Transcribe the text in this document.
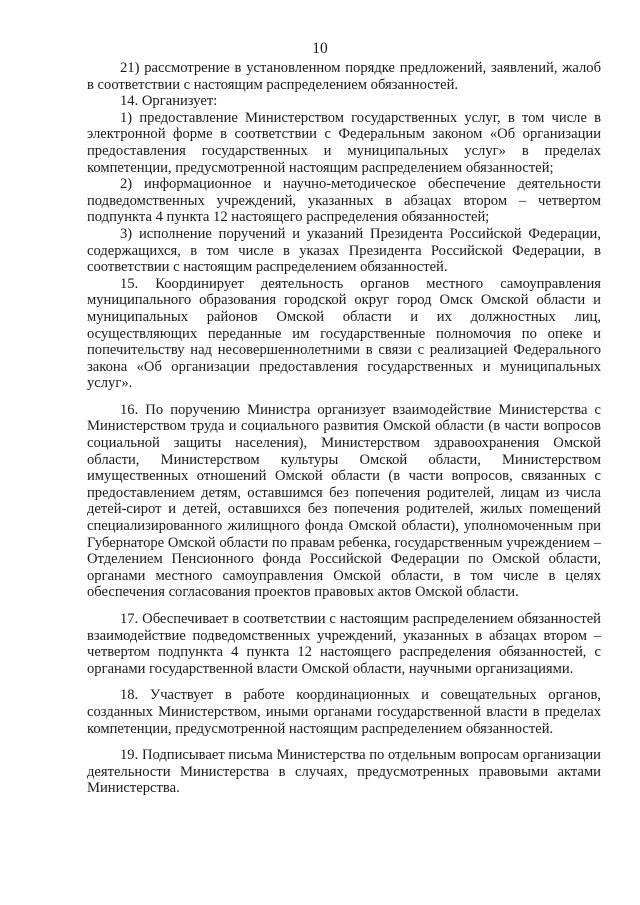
10

21) рассмотрение в установленном порядке предложений, заявлений, жалоб в соответствии с настоящим распределением обязанностей.

14. Организует:

1) предоставление Министерством государственных услуг, в том числе в электронной форме в соответствии с Федеральным законом «Об организации предоставления государственных и муниципальных услуг» в пределах компетенции, предусмотренной настоящим распределением обязанностей;

2) информационное и научно-методическое обеспечение деятельности подведомственных учреждений, указанных в абзацах втором – четвертом подпункта 4 пункта 12 настоящего распределения обязанностей;

3) исполнение поручений и указаний Президента Российской Федерации, содержащихся, в том числе в указах Президента Российской Федерации, в соответствии с настоящим распределением обязанностей.

15. Координирует деятельность органов местного самоуправления муниципального образования городской округ город Омск Омской области и муниципальных районов Омской области и их должностных лиц, осуществляющих переданные им государственные полномочия по опеке и попечительству над несовершеннолетними в связи с реализацией Федерального закона «Об организации предоставления государственных и муниципальных услуг».

16. По поручению Министра организует взаимодействие Министерства с Министерством труда и социального развития Омской области (в части вопросов социальной защиты населения), Министерством здравоохранения Омской области, Министерством культуры Омской области, Министерством имущественных отношений Омской области (в части вопросов, связанных с предоставлением детям, оставшимся без попечения родителей, лицам из числа детей-сирот и детей, оставшихся без попечения родителей, жилых помещений специализированного жилищного фонда Омской области), уполномоченным при Губернаторе Омской области по правам ребенка, государственным учреждением – Отделением Пенсионного фонда Российской Федерации по Омской области, органами местного самоуправления Омской области, в том числе в целях обеспечения согласования проектов правовых актов Омской области.

17. Обеспечивает в соответствии с настоящим распределением обязанностей взаимодействие подведомственных учреждений, указанных в абзацах втором – четвертом подпункта 4 пункта 12 настоящего распределения обязанностей, с органами государственной власти Омской области, научными организациями.

18. Участвует в работе координационных и совещательных органов, созданных Министерством, иными органами государственной власти в пределах компетенции, предусмотренной настоящим распределением обязанностей.

19. Подписывает письма Министерства по отдельным вопросам организации деятельности Министерства в случаях, предусмотренных правовыми актами Министерства.
